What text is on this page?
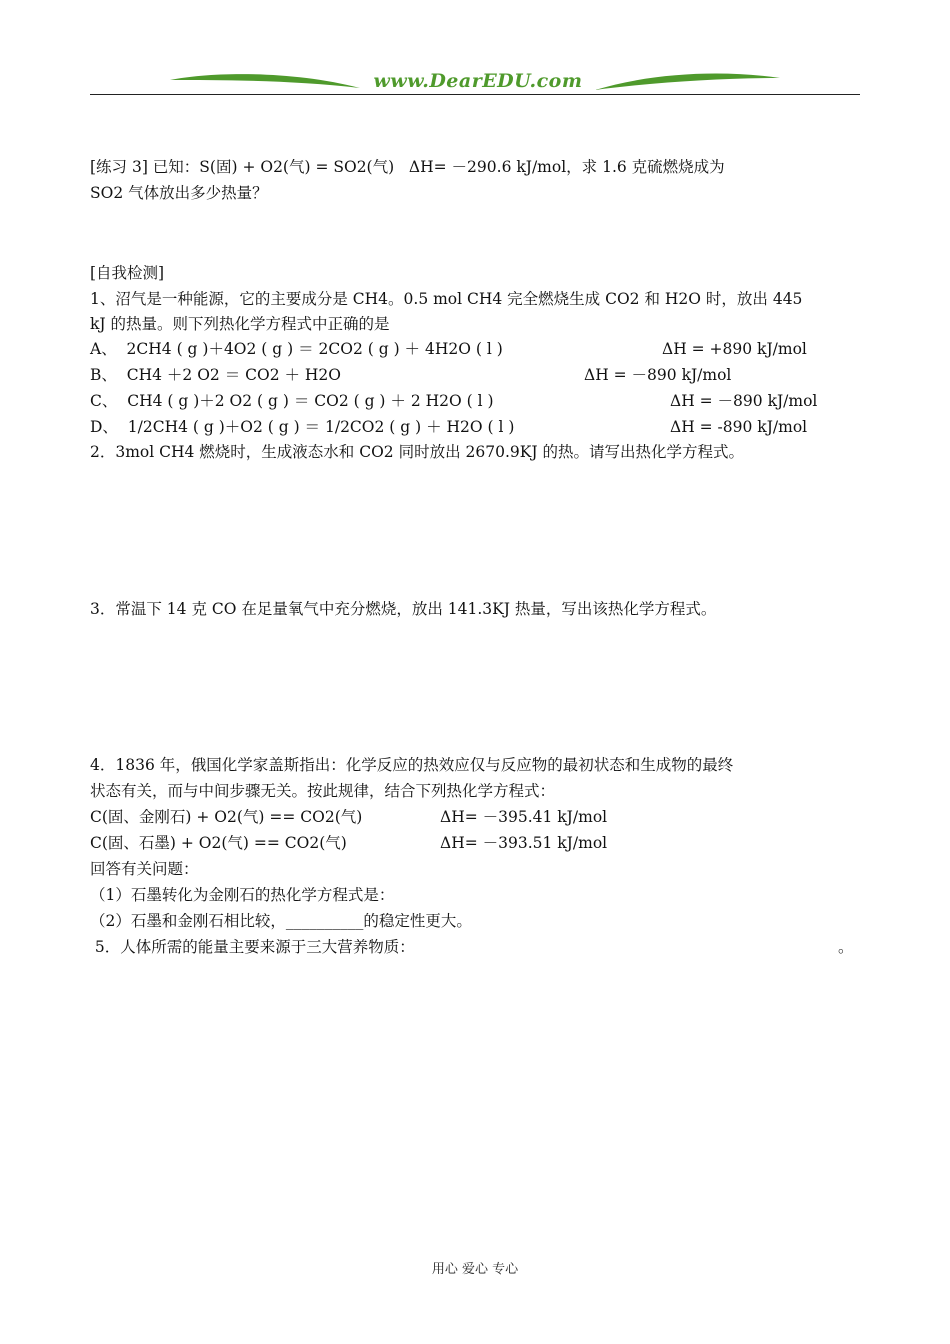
www.DearEDU.com
[练习 3] 已知：S(固) + O2(气) = SO2(气)   ΔH= －290.6 kJ/mol，求 1.6 克硫燃烧成为
SO2 气体放出多少热量？
[自我检测]
1、沼气是一种能源，它的主要成分是 CH4。0.5 mol CH4 完全燃烧生成 CO2 和 H2O 时，放出 445
kJ 的热量。则下列热化学方程式中正确的是
A、  2CH4 ( g )＋4O2 ( g ) ＝ 2CO2 ( g ) ＋ 4H2O ( l )	ΔH = +890 kJ/mol
B、  CH4 ＋2 O2 ＝ CO2 ＋ H2O	ΔH = －890 kJ/mol
C、  CH4 ( g )＋2 O2 ( g ) ＝ CO2 ( g ) ＋ 2 H2O ( l )	ΔH = －890 kJ/mol
D、  1/2CH4 ( g )＋O2 ( g ) ＝ 1/2CO2 ( g ) ＋ H2O ( l )	ΔH = -890 kJ/mol
2．3mol CH4 燃烧时，生成液态水和 CO2 同时放出 2670.9KJ 的热。请写出热化学方程式。
3．常温下 14 克 CO 在足量氧气中充分燃烧，放出 141.3KJ 热量，写出该热化学方程式。
4．1836 年，俄国化学家盖斯指出：化学反应的热效应仅与反应物的最初状态和生成物的最终
状态有关，而与中间步骤无关。按此规律，结合下列热化学方程式：
C(固、金刚石) + O2(气) == CO2(气)	ΔH= －395.41 kJ/mol
C(固、石墨) + O2(气) == CO2(气)	ΔH= －393.51 kJ/mol
回答有关问题：
（1）石墨转化为金刚石的热化学方程式是：
（2）石墨和金刚石相比较，__________的稳定性更大。
5．人体所需的能量主要来源于三大营养物质：	。
用心 爱心 专心
